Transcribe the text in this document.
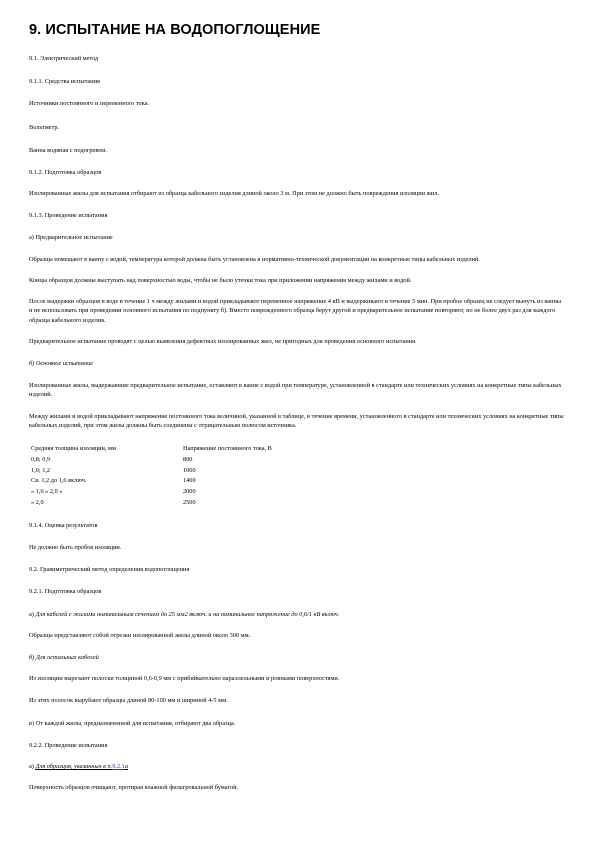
9. ИСПЫТАНИЕ НА ВОДОПОГЛОЩЕНИЕ

9.1. Электрический метод

9.1.1. Средства испытания

Источники постоянного и переменного тока.

Вольтметр.

Ванна водяная с подогревом.

9.1.2. Подготовка образцов

Изолированные жилы для испытания отбирают из образца кабельного изделия длиной около 3 м. При этом не должно быть повреждения изоляции жил.

9.1.3. Проведение испытания

а) Предварительное испытание

Образцы помещают в ванну с водой, температура которой должна быть установлена в нормативно-технической документации на конкретные типы кабельных изделий.

Концы образцов должны выступать над поверхностью воды, чтобы не было утечки тока при приложении напряжения между жилами и водой.

После выдержки образцов в воде в течение 1 ч между жилами и водой прикладывают переменное напряжение 4 кВ и выдерживают в течение 5 мин. При пробое образец не следует вынуть из ванны и не использовать при проведении основного испытания по подпункту б). Вместо поврежденного образца берут другой и предварительное испытание повторяют, но не более двух раз для каждого образца кабельного изделия.

Предварительное испытание проводят с целью выявления дефектных изолированных жил, не пригодных для проведения основного испытания.

б) Основное испытание

Изолированные жилы, выдержавшие предварительное испытание, оставляют в ванне с водой при температуре, установленной в стандарте или технических условиях на конкретные типы кабельных изделий.

Между жилами и водой прикладывают напряжение постоянного тока величиной, указанной в таблице, в течение времени, установленного в стандарте или технических условиях на конкретные типы кабельных изделий, при этом жилы должны быть соединены с отрицательным полюсом источника.

Средняя толщина изоляции, мм	Напряжение постоянного тока, В
0,8; 0,9	800
1,0; 1,2	1000
Св. 1,2 до 1,6 включ.	1400
» 1,6 » 2,0 »	2000
» 2,0	2500

9.1.4. Оценка результатов

Не должно быть пробоя изоляции.

9.2. Гравиметрический метод определения водопоглощения

9.2.1. Подготовка образцов

а) Для кабелей с жилами номинальным сечением до 25 мм2 включ. и на номинальное напряжение до 0,6/1 кВ включ.

Образцы представляют собой отрезки изолированной жилы длиной около 300 мм.

б) Для остальных кабелей

Из изоляции вырезают полоски толщиной 0,6-0,9 мм с прибийкательно параллельными и ровными поверхностями.

Из этих полосок вырубают образцы длиной 80-100 мм и шириной 4-5 мм.

в) От каждой жилы, предназначенной для испытания, отбирают два образца.

9.2.2. Проведение испытания

а) Для образцов, указанных в п.9.2.1а

Поверхность образцов очищают, протирая влажной фильтровальной бумагой.
